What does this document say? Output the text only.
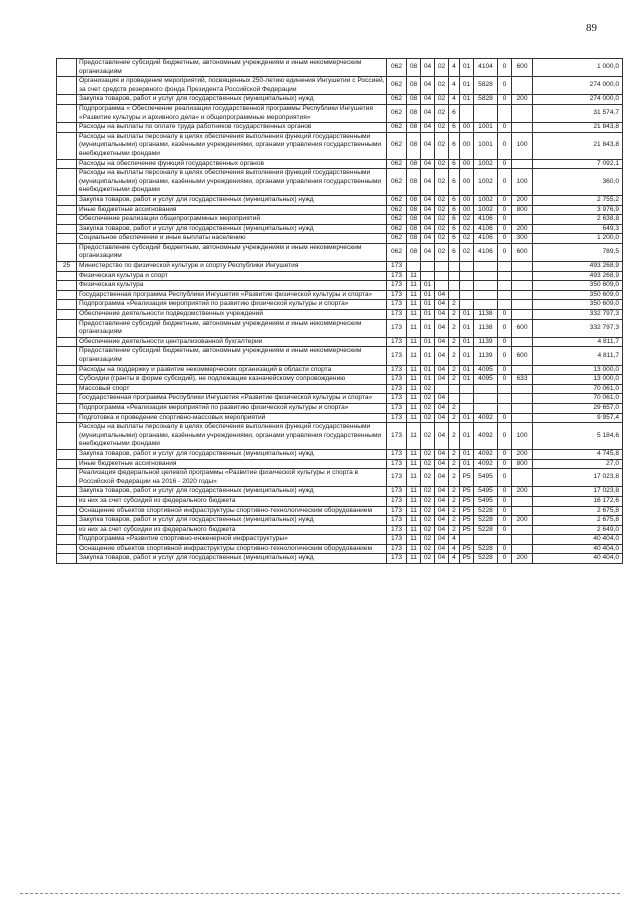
89
	Предоставление субсидий бюджетным, автономным учреждениям и иным некоммерческим организациям	062	08	04	02	4	01	4104	0	600	1 000,0
	Организация и проведение мероприятий, посвященных 250-летию единения Ингушетии с Россией, за счет средств резервного фонда Президента Российской Федерации	062	08	04	02	4	01	5828	0		274 000,0
	Закупка товаров, работ и услуг для государственных (муниципальных) нужд	062	08	04	02	4	01	5828	0	200	274 000,0
	Подпрограмма « Обеспечение реализации государственной программы Республики Ингушетия «Развитие культуры и архивного дела» и общепрограммные мероприятия»	062	08	04	02	6					31 574,7
	Расходы на выплаты по оплате труда работников государственных органов	062	08	04	02	6	00	1001	0		21 843,8
	Расходы на выплаты персоналу в целях обеспечения выполнения функций государственными (муниципальными) органами, казёнными учреждениями, органами управления государственными внебюджетными фондами	062	08	04	02	6	00	1001	0	100	21 843,8
	Расходы на обеспечение функций государственных органов	062	08	04	02	6	00	1002	0		7 092,1
	Расходы на выплаты персоналу в целях обеспечения выполнения функций государственными (муниципальными) органами, казёнными учреждениями, органами управления государственными внебюджетными фондами	062	08	04	02	6	00	1002	0	100	360,0
	Закупка товаров, работ и услуг для государственных (муниципальных) нужд	062	08	04	02	6	00	1002	0	200	2 755,2
	Иные бюджетные ассигнования	062	08	04	02	6	00	1002	0	800	3 976,9
	Обеспечение реализации общепрограммных мероприятий	062	08	04	02	6	02	4106	0		2 638,8
	Закупка товаров, работ и услуг для государственных (муниципальных) нужд	062	08	04	02	6	02	4106	0	200	649,3
	Социальное обеспечение и иные выплаты населению	062	08	04	02	6	02	4106	0	300	1 200,0
	Предоставление субсидий бюджетным, автономным учреждениям и иным некоммерческим организациям	062	08	04	02	6	02	4106	0	600	789,5
25	Министерство по физической культуре и спорту Республики Ингушетия	173									493 268,9
	Физическая культура и спорт	173	11								493 268,9
	Физическая культура	173	11	01							350 609,0
	Государственная программа Республики Ингушетия «Развитие физической культуры и спорта»	173	11	01	04						350 609,0
	Подпрограмма «Реализация мероприятий по развитию физической культуры и спорта»	173	11	01	04	2					350 609,0
	Обеспечение деятельности подведомственных учреждений	173	11	01	04	2	01	1138	0		332 797,3
	Предоставление субсидий бюджетным, автономным учреждениям и иным некоммерческим организациям	173	11	01	04	2	01	1138	0	600	332 797,3
	Обеспечение деятельности централизованной бухгалтерии	173	11	01	04	2	01	1139	0		4 811,7
	Предоставление субсидий бюджетным, автономным учреждениям и иным некоммерческим организациям	173	11	01	04	2	01	1139	0	600	4 811,7
	Расходы на поддержку и развитие некоммерческих организаций в области спорта	173	11	01	04	2	01	4095	0		13 000,0
	Субсидии (гранты в форме субсидий), не подлежащие казначейскому сопровождению	173	11	01	04	2	01	4095	0	633	13 000,0
	Массовый спорт	173	11	02							70 061,0
	Государственная программа Республики Ингушетия «Развитие физической культуры и спорта»	173	11	02	04						70 061,0
	Подпрограмма «Реализация мероприятий по развитию физической культуры и спорта»	173	11	02	04	2					29 657,0
	Подготовка и проведение спортивно-массовых мероприятий	173	11	02	04	2	01	4092	0		9 957,4
	Расходы на выплаты персоналу в целях обеспечения выполнения функций государственными (муниципальными) органами, казёнными учреждениями, органами управления государственными внебюджетными фондами	173	11	02	04	2	01	4092	0	100	5 184,6
	Закупка товаров, работ и услуг для государственных (муниципальных) нужд	173	11	02	04	2	01	4092	0	200	4 745,8
	Иные бюджетные ассигнования	173	11	02	04	2	01	4092	0	800	27,0
	Реализация федеральной целевой программы «Развитие физической культуры и спорта в Российской Федерации на 2016 - 2020 годы»	173	11	02	04	2	P5	5495	0		17 023,8
	Закупка товаров, работ и услуг для государственных (муниципальных) нужд	173	11	02	04	2	P5	5495	0	200	17 023,8
	из них за счет субсидий из федерального бюджета	173	11	02	04	2	P5	5495	0		16 172,6
	Оснащение объектов спортивной инфраструктуры спортивно-технологическим оборудованием	173	11	02	04	2	P5	5228	0		2 675,8
	Закупка товаров, работ и услуг для государственных (муниципальных) нужд	173	11	02	04	2	P5	5228	0	200	2 675,8
	из них за счет субсидии из федерального бюджета	173	11	02	04	2	P5	5228	0		2 649,0
	Подпрограмма «Развитие спортивно-инженерной инфраструктуры»	173	11	02	04	4					40 404,0
	Оснащение объектов спортивной инфраструктуры спортивно-технологическим оборудованием	173	11	02	04	4	P5	5228	0		40 404,0
	Закупка товаров, работ и услуг для государственных (муниципальных) нужд	173	11	02	04	4	P5	5228	0	200	40 404,0
